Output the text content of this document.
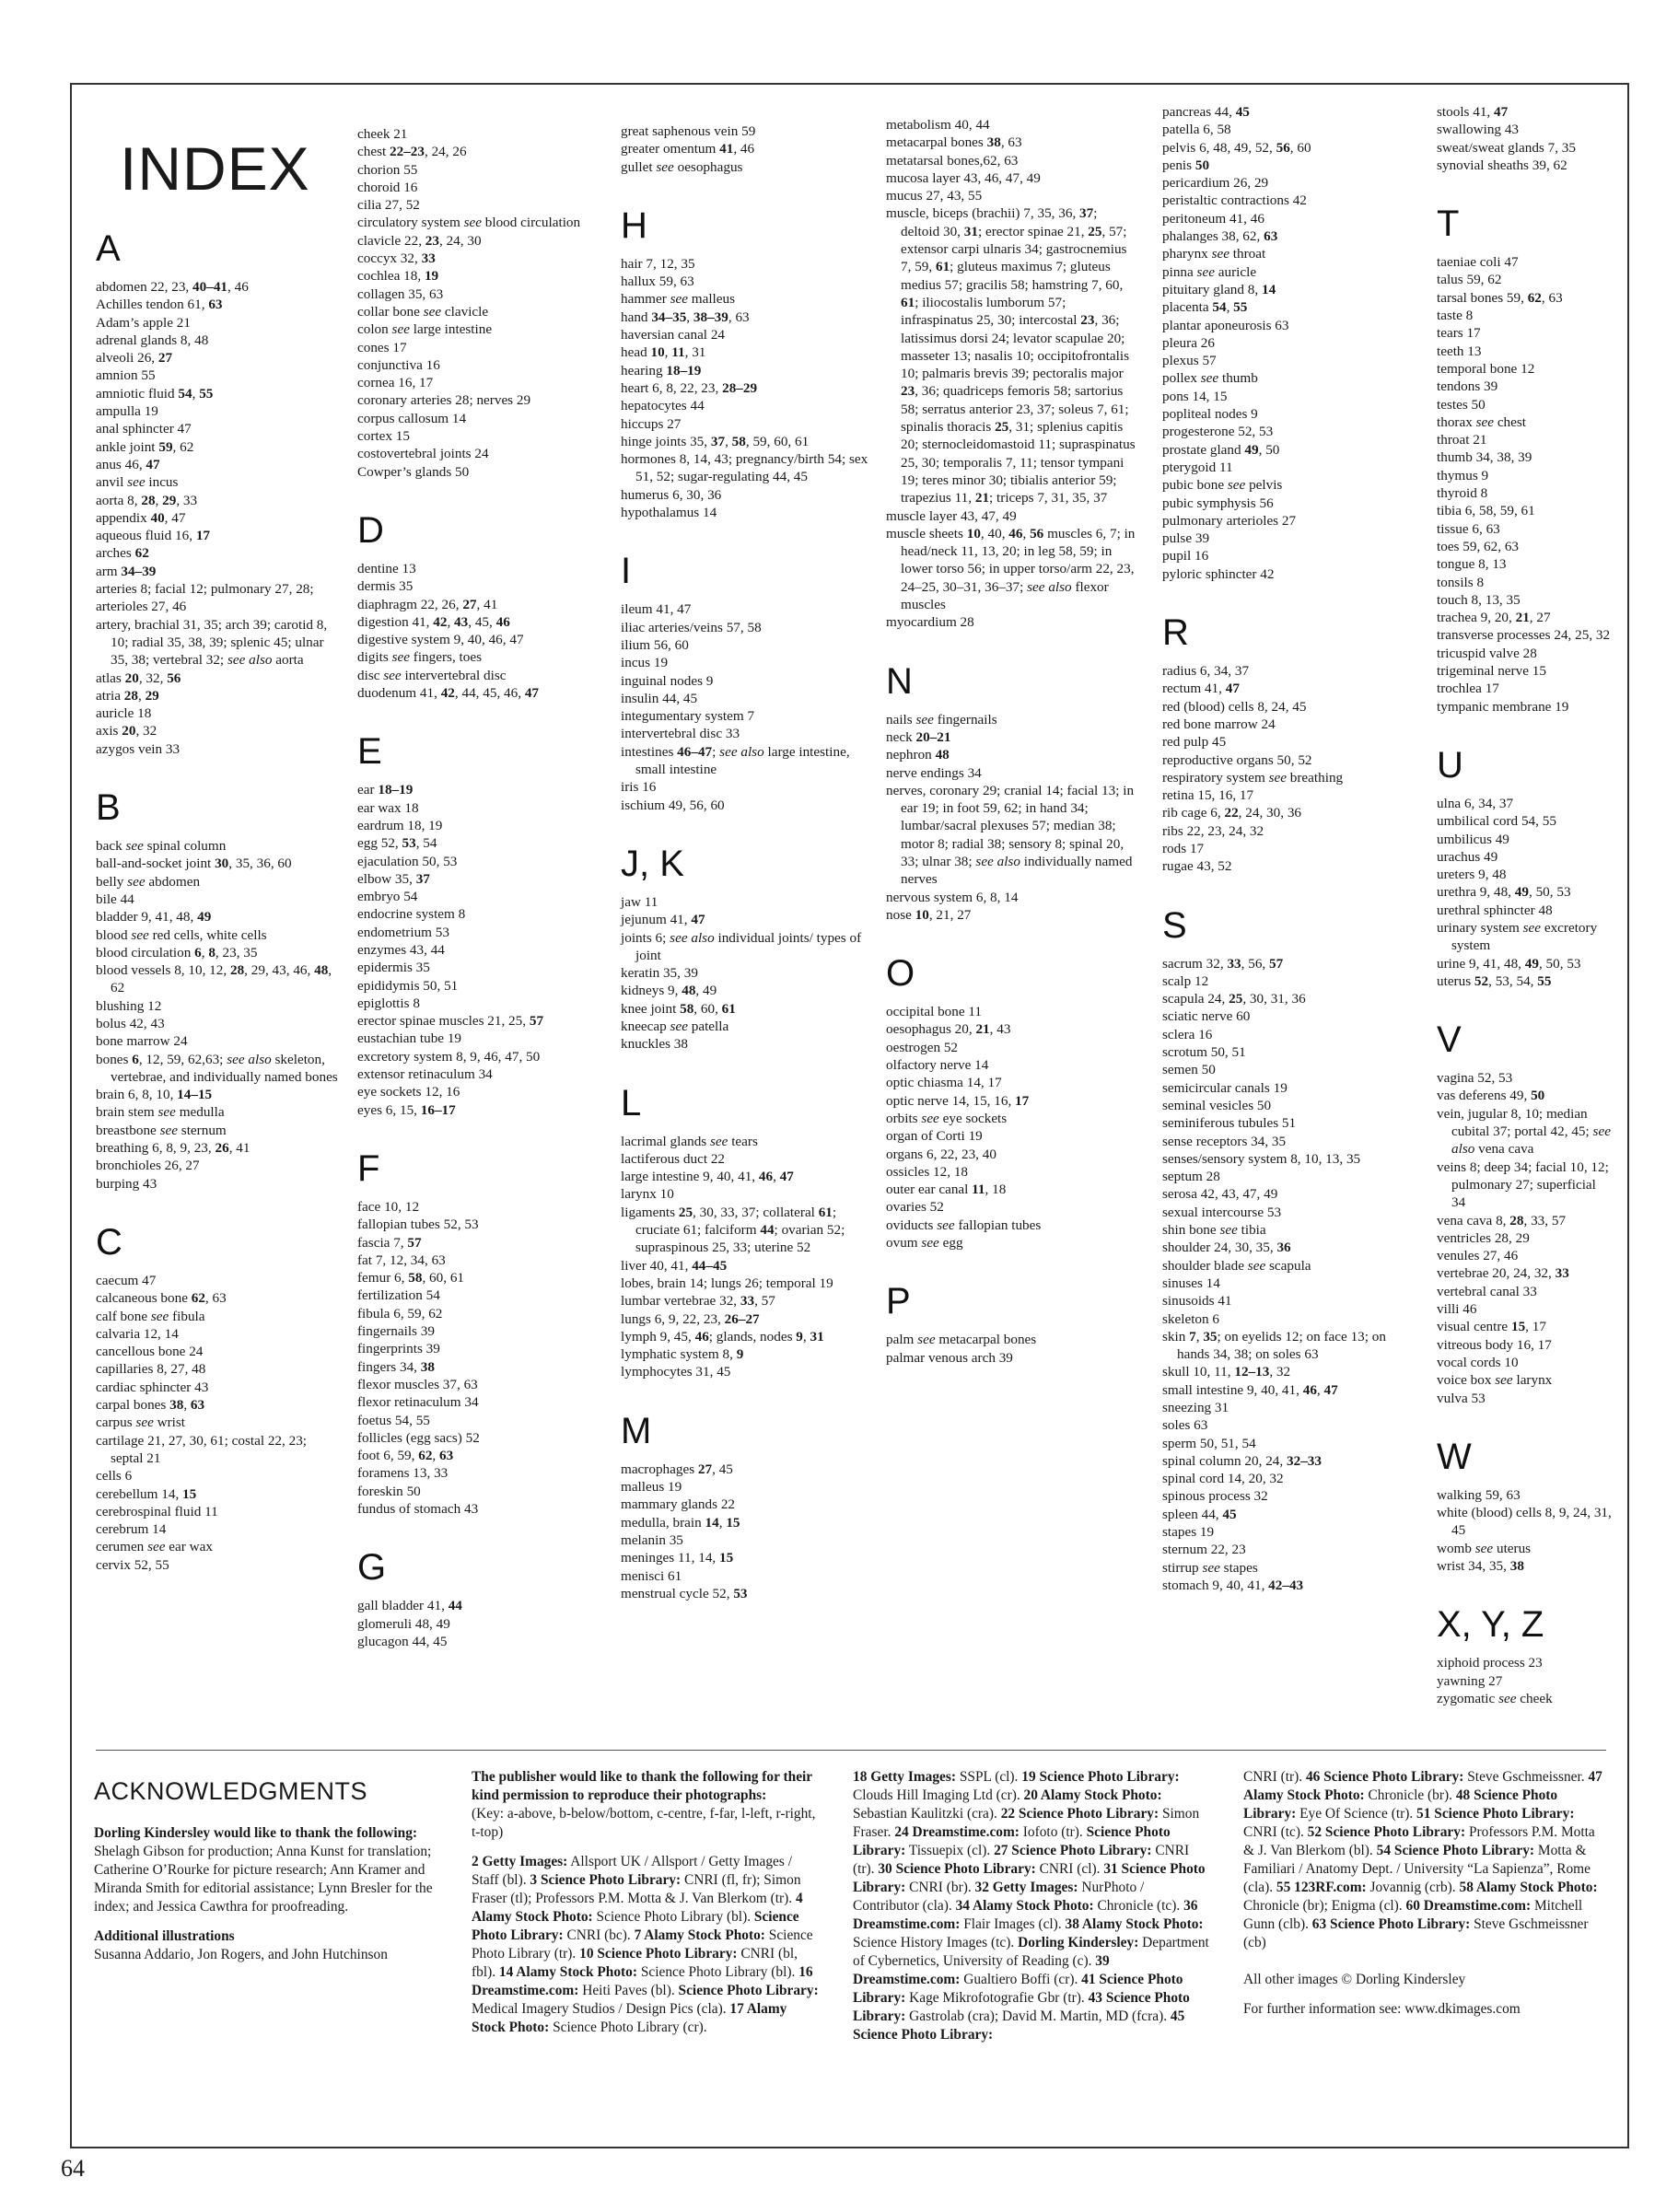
INDEX
A
abdomen 22, 23, 40–41, 46
Achilles tendon 61, 63
Adam’s apple 21
adrenal glands 8, 48
alveoli 26, 27
amnion 55
amniotic fluid 54, 55
ampulla 19
anal sphincter 47
ankle joint 59, 62
anus 46, 47
anvil see incus
aorta 8, 28, 29, 33
appendix 40, 47
aqueous fluid 16, 17
arches 62
arm 34–39
arteries 8; facial 12; pulmonary 27, 28;
arterioles 27, 46
artery, brachial 31, 35; arch 39; carotid 8, 10; radial 35, 38, 39; splenic 45; ulnar 35, 38; vertebral 32; see also aorta
atlas 20, 32, 56
atria 28, 29
auricle 18
axis 20, 32
azygos vein 33
B
back see spinal column
ball-and-socket joint 30, 35, 36, 60
belly see abdomen
bile 44
bladder 9, 41, 48, 49
blood see red cells, white cells
blood circulation 6, 8, 23, 35
blood vessels 8, 10, 12, 28, 29, 43, 46, 48, 62
blushing 12
bolus 42, 43
bone marrow 24
bones 6, 12, 59, 62,63; see also skeleton, vertebrae, and individually named bones
brain 6, 8, 10, 14–15
brain stem see medulla
breastbone see sternum
breathing 6, 8, 9, 23, 26, 41
bronchioles 26, 27
burping 43
C
caecum 47
calcaneous bone 62, 63
calf bone see fibula
calvaria 12, 14
cancellous bone 24
capillaries 8, 27, 48
cardiac sphincter 43
carpal bones 38, 63
carpus see wrist
cartilage 21, 27, 30, 61; costal 22, 23; septal 21
cells 6
cerebellum 14, 15
cerebrospinal fluid 11
cerebrum 14
cerumen see ear wax
cervix 52, 55
cheek 21
chest 22–23, 24, 26
chorion 55
choroid 16
cilia 27, 52
circulatory system see blood circulation
clavicle 22, 23, 24, 30
coccyx 32, 33
cochlea 18, 19
collagen 35, 63
collar bone see clavicle
colon see large intestine
cones 17
conjunctiva 16
cornea 16, 17
coronary arteries 28; nerves 29
corpus callosum 14
cortex 15
costovertebral joints 24
Cowper’s glands 50
D
dentine 13
dermis 35
diaphragm 22, 26, 27, 41
digestion 41, 42, 43, 45, 46
digestive system 9, 40, 46, 47
digits see fingers, toes
disc see intervertebral disc
duodenum 41, 42, 44, 45, 46, 47
E
ear 18–19
ear wax 18
eardrum 18, 19
egg 52, 53, 54
ejaculation 50, 53
elbow 35, 37
embryo 54
endocrine system 8
endometrium 53
enzymes 43, 44
epidermis 35
epididymis 50, 51
epiglottis 8
erector spinae muscles 21, 25, 57
eustachian tube 19
excretory system 8, 9, 46, 47, 50
extensor retinaculum 34
eye sockets 12, 16
eyes 6, 15, 16–17
F
face 10, 12
fallopian tubes 52, 53
fascia 7, 57
fat 7, 12, 34, 63
femur 6, 58, 60, 61
fertilization 54
fibula 6, 59, 62
fingernails 39
fingerprints 39
fingers 34, 38
flexor muscles 37, 63
flexor retinaculum 34
foetus 54, 55
follicles (egg sacs) 52
foot 6, 59, 62, 63
foramens 13, 33
foreskin 50
fundus of stomach 43
G
gall bladder 41, 44
glomeruli 48, 49
glucagon 44, 45
great saphenous vein 59
greater omentum 41, 46
gullet see oesophagus
H
hair 7, 12, 35
hallux 59, 63
hammer see malleus
hand 34–35, 38–39, 63
haversian canal 24
head 10, 11, 31
hearing 18–19
heart 6, 8, 22, 23, 28–29
hepatocytes 44
hiccups 27
hinge joints 35, 37, 58, 59, 60, 61
hormones 8, 14, 43; pregnancy/birth 54; sex 51, 52; sugar-regulating 44, 45
humerus 6, 30, 36
hypothalamus 14
I
ileum 41, 47
iliac arteries/veins 57, 58
ilium 56, 60
incus 19
inguinal nodes 9
insulin 44, 45
integumentary system 7
intervertebral disc 33
intestines 46–47; see also large intestine, small intestine
iris 16
ischium 49, 56, 60
J, K
jaw 11
jejunum 41, 47
joints 6; see also individual joints/ types of joint
keratin 35, 39
kidneys 9, 48, 49
knee joint 58, 60, 61
kneecap see patella
knuckles 38
L
lacrimal glands see tears
lactiferous duct 22
large intestine 9, 40, 41, 46, 47
larynx 10
ligaments 25, 30, 33, 37; collateral 61; cruciate 61; falciform 44; ovarian 52; supraspinous 25, 33; uterine 52
liver 40, 41, 44–45
lobes, brain 14; lungs 26; temporal 19
lumbar vertebrae 32, 33, 57
lungs 6, 9, 22, 23, 26–27
lymph 9, 45, 46; glands, nodes 9, 31
lymphatic system 8, 9
lymphocytes 31, 45
M
macrophages 27, 45
malleus 19
mammary glands 22
medulla, brain 14, 15
melanin 35
meninges 11, 14, 15
menisci 61
menstrual cycle 52, 53
metabolism 40, 44
metacarpal bones 38, 63
metatarsal bones,62, 63
mucosa layer 43, 46, 47, 49
mucus 27, 43, 55
muscle, biceps (brachii) 7, 35, 36, 37; deltoid 30, 31; erector spinae 21, 25, 57; extensor carpi ulnaris 34; gastrocnemius 7, 59, 61; gluteus maximus 7; gluteus medius 57; gracilis 58; hamstring 7, 60, 61; iliocostalis lumborum 57; infraspinatus 25, 30; intercostal 23, 36; latissimus dorsi 24; levator scapulae 20; masseter 13; nasalis 10; occipitofrontalis 10; palmaris brevis 39; pectoralis major 23, 36; quadriceps femoris 58; sartorius 58; serratus anterior 23, 37; soleus 7, 61; spinalis thoracis 25, 31; splenius capitis 20; sternocleidomastoid 11; supraspinatus 25, 30; temporalis 7, 11; tensor tympani 19; teres minor 30; tibialis anterior 59; trapezius 11, 21; triceps 7, 31, 35, 37
muscle layer 43, 47, 49
muscle sheets 10, 40, 46, 56 muscles 6, 7; in head/neck 11, 13, 20; in leg 58, 59; in lower torso 56; in upper torso/arm 22, 23, 24–25, 30–31, 36–37; see also flexor muscles
myocardium 28
N
nails see fingernails
neck 20–21
nephron 48
nerve endings 34
nerves, coronary 29; cranial 14; facial 13; in ear 19; in foot 59, 62; in hand 34; lumbar/sacral plexuses 57; median 38; motor 8; radial 38; sensory 8; spinal 20, 33; ulnar 38; see also individually named nerves
nervous system 6, 8, 14
nose 10, 21, 27
O
occipital bone 11
oesophagus 20, 21, 43
oestrogen 52
olfactory nerve 14
optic chiasma 14, 17
optic nerve 14, 15, 16, 17
orbits see eye sockets
organ of Corti 19
organs 6, 22, 23, 40
ossicles 12, 18
outer ear canal 11, 18
ovaries 52
oviducts see fallopian tubes
ovum see egg
P
palm see metacarpal bones
palmar venous arch 39
pancreas 44, 45
patella 6, 58
pelvis 6, 48, 49, 52, 56, 60
penis 50
pericardium 26, 29
peristaltic contractions 42
peritoneum 41, 46
phalanges 38, 62, 63
pharynx see throat
pinna see auricle
pituitary gland 8, 14
placenta 54, 55
plantar aponeurosis 63
pleura 26
plexus 57
pollex see thumb
pons 14, 15
popliteal nodes 9
progesterone 52, 53
prostate gland 49, 50
pterygoid 11
pubic bone see pelvis
pubic symphysis 56
pulmonary arterioles 27
pulse 39
pupil 16
pyloric sphincter 42
R
radius 6, 34, 37
rectum 41, 47
red (blood) cells 8, 24, 45
red bone marrow 24
red pulp 45
reproductive organs 50, 52
respiratory system see breathing
retina 15, 16, 17
rib cage 6, 22, 24, 30, 36
ribs 22, 23, 24, 32
rods 17
rugae 43, 52
S
sacrum 32, 33, 56, 57
scalp 12
scapula 24, 25, 30, 31, 36
sciatic nerve 60
sclera 16
scrotum 50, 51
semen 50
semicircular canals 19
seminal vesicles 50
seminiferous tubules 51
sense receptors 34, 35
senses/sensory system 8, 10, 13, 35
septum 28
serosa 42, 43, 47, 49
sexual intercourse 53
shin bone see tibia
shoulder 24, 30, 35, 36
shoulder blade see scapula
sinuses 14
sinusoids 41
skeleton 6
skin 7, 35; on eyelids 12; on face 13; on hands 34, 38; on soles 63
skull 10, 11, 12–13, 32
small intestine 9, 40, 41, 46, 47
sneezing 31
soles 63
sperm 50, 51, 54
spinal column 20, 24, 32–33
spinal cord 14, 20, 32
spinous process 32
spleen 44, 45
stapes 19
sternum 22, 23
stirrup see stapes
stomach 9, 40, 41, 42–43
stools 41, 47
swallowing 43
sweat/sweat glands 7, 35
synovial sheaths 39, 62
T
taeniae coli 47
talus 59, 62
tarsal bones 59, 62, 63
taste 8
tears 17
teeth 13
temporal bone 12
tendons 39
testes 50
thorax see chest
throat 21
thumb 34, 38, 39
thymus 9
thyroid 8
tibia 6, 58, 59, 61
tissue 6, 63
toes 59, 62, 63
tongue 8, 13
tonsils 8
touch 8, 13, 35
trachea 9, 20, 21, 27
transverse processes 24, 25, 32
tricuspid valve 28
trigeminal nerve 15
trochlea 17
tympanic membrane 19
U
ulna 6, 34, 37
umbilical cord 54, 55
umbilicus 49
urachus 49
ureters 9, 48
urethra 9, 48, 49, 50, 53
urethral sphincter 48
urinary system see excretory system
urine 9, 41, 48, 49, 50, 53
uterus 52, 53, 54, 55
V
vagina 52, 53
vas deferens 49, 50
vein, jugular 8, 10; median cubital 37; portal 42, 45; see also vena cava
veins 8; deep 34; facial 10, 12; pulmonary 27; superficial 34
vena cava 8, 28, 33, 57
ventricles 28, 29
venules 27, 46
vertebrae 20, 24, 32, 33
vertebral canal 33
villi 46
visual centre 15, 17
vitreous body 16, 17
vocal cords 10
voice box see larynx
vulva 53
W
walking 59, 63
white (blood) cells 8, 9, 24, 31, 45
womb see uterus
wrist 34, 35, 38
X, Y, Z
xiphoid process 23
yawning 27
zygomatic see cheek
ACKNOWLEDGMENTS

Dorling Kindersley would like to thank the following:
Shelagh Gibson for production; Anna Kunst for translation; Catherine O’Rourke for picture research; Ann Kramer and Miranda Smith for editorial assistance; Lynn Bresler for the index; and Jessica Cawthra for proofreading.

Additional illustrations
Susanna Addario, Jon Rogers, and John Hutchinson

The publisher would like to thank the following for their kind permission to reproduce their photographs:
(Key: a-above, b-below/bottom, c-centre, f-far, l-left, r-right, t-top)

2 Getty Images: Allsport UK / Allsport / Getty Images / Staff (bl). 3 Science Photo Library: CNRI (fl, fr); Simon Fraser (tl); Professors P.M. Motta & J. Van Blerkom (tr). 4 Alamy Stock Photo: Science Photo Library (bl). Science Photo Library: CNRI (bc). 7 Alamy Stock Photo: Science Photo Library (tr). 10 Science Photo Library: CNRI (bl, fbl). 14 Alamy Stock Photo: Science Photo Library (bl). 16 Dreamstime.com: Heiti Paves (bl). Science Photo Library: Medical Imagery Studios / Design Pics (cla). 17 Alamy Stock Photo: Science Photo Library (cr).

18 Getty Images: SSPL (cl). 19 Science Photo Library: Clouds Hill Imaging Ltd (cr). 20 Alamy Stock Photo: Sebastian Kaulitzki (cra). 22 Science Photo Library: Simon Fraser. 24 Dreamstime.com: Iofoto (tr). Science Photo Library: Tissuepix (cl). 27 Science Photo Library: CNRI (tr). 30 Science Photo Library: CNRI (cl). 31 Science Photo Library: CNRI (br). 32 Getty Images: NurPhoto / Contributor (cla). 34 Alamy Stock Photo: Chronicle (tc). 36 Dreamstime.com: Flair Images (cl). 38 Alamy Stock Photo: Science History Images (tc). Dorling Kindersley: Department of Cybernetics, University of Reading (c). 39 Dreamstime.com: Gualtiero Boffi (cr). 41 Science Photo Library: Kage Mikrofotografie Gbr (tr). 43 Science Photo Library: Gastrolab (cra); David M. Martin, MD (fcra). 45 Science Photo Library:

CNRI (tr). 46 Science Photo Library: Steve Gschmeissner. 47 Alamy Stock Photo: Chronicle (br). 48 Science Photo Library: Eye Of Science (tr). 51 Science Photo Library: CNRI (tc). 52 Science Photo Library: Professors P.M. Motta & J. Van Blerkom (bl). 54 Science Photo Library: Motta & Familiari / Anatomy Dept. / University “La Sapienza”, Rome (cla). 55 123RF.com: Jovannig (crb). 58 Alamy Stock Photo: Chronicle (br); Enigma (cl). 60 Dreamstime.com: Mitchell Gunn (clb). 63 Science Photo Library: Steve Gschmeissner (cb)

All other images © Dorling Kindersley

For further information see: www.dkimages.com

64
